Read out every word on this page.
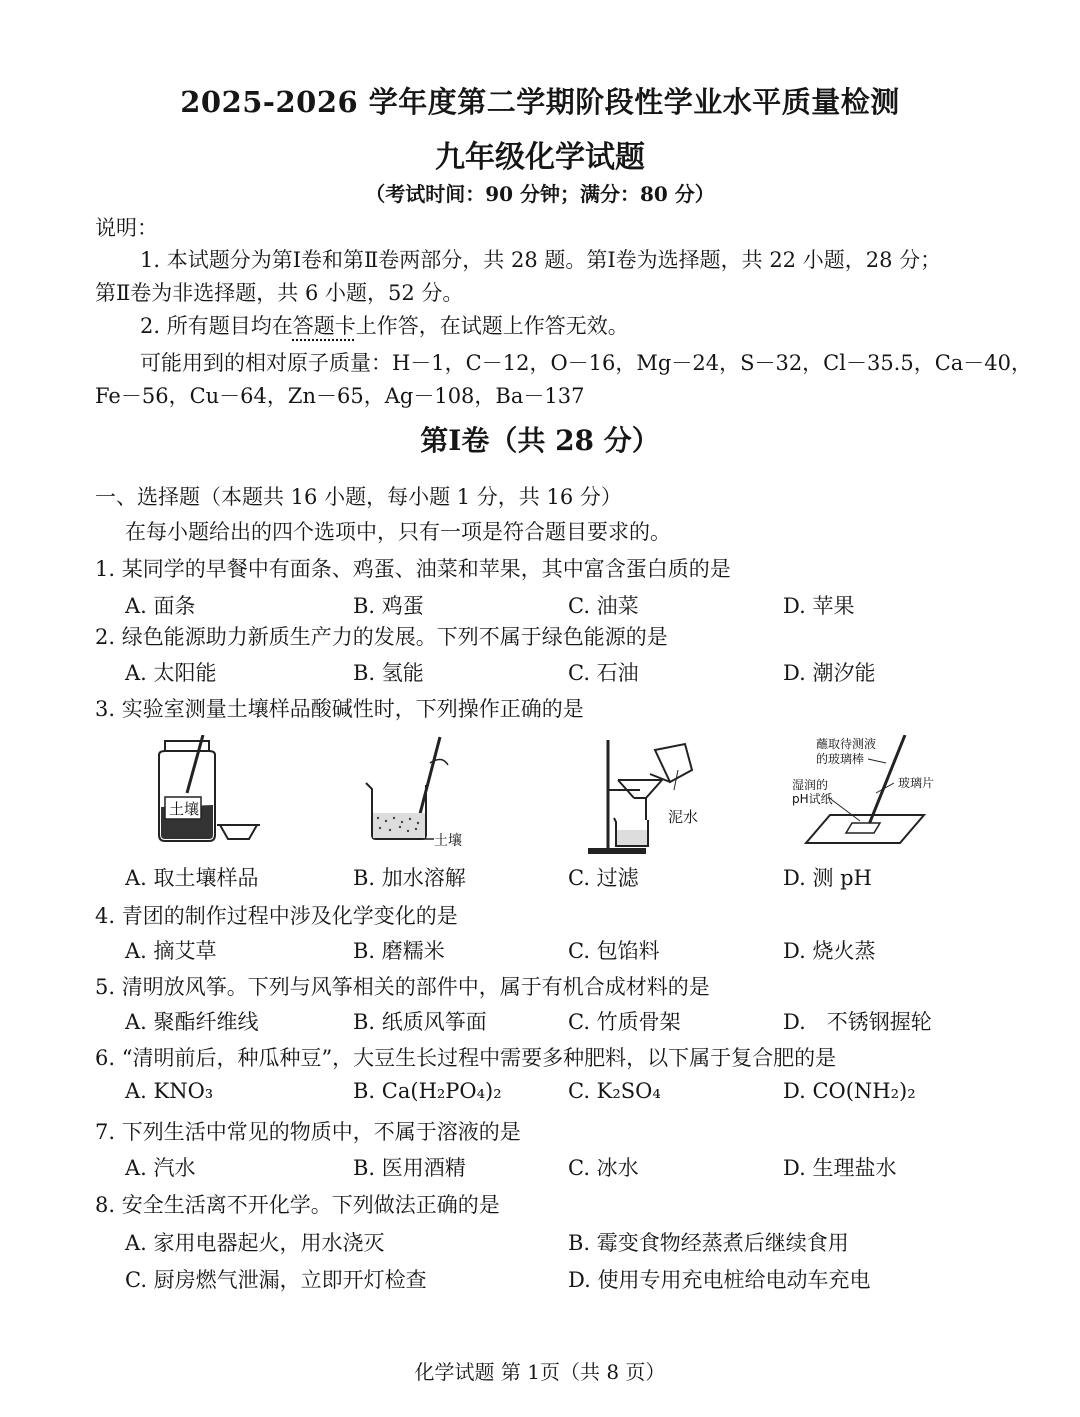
2025-2026 学年度第二学期阶段性学业水平质量检测
九年级化学试题
（考试时间：90 分钟；满分：80 分）
说明：
1. 本试题分为第Ⅰ卷和第Ⅱ卷两部分，共 28 题。第Ⅰ卷为选择题，共 22 小题，28 分；
第Ⅱ卷为非选择题，共 6 小题，52 分。
2. 所有题目均在答题卡上作答，在试题上作答无效。
可能用到的相对原子质量：H－1，C－12，O－16，Mg－24，S－32，Cl－35.5，Ca－40，
Fe－56，Cu－64，Zn－65，Ag－108，Ba－137
第Ⅰ卷（共 28 分）
一、选择题（本题共 16 小题，每小题 1 分，共 16 分）
在每小题给出的四个选项中，只有一项是符合题目要求的。
1. 某同学的早餐中有面条、鸡蛋、油菜和苹果，其中富含蛋白质的是
A. 面条	B. 鸡蛋	C. 油菜	D. 苹果
2. 绿色能源助力新质生产力的发展。下列不属于绿色能源的是
A. 太阳能	B. 氢能	C. 石油	D. 潮汐能
3. 实验室测量土壤样品酸碱性时，下列操作正确的是
土壤
土壤
泥水
蘸取待测液
的玻璃棒
湿润的
pH试纸
玻璃片
A. 取土壤样品	B. 加水溶解	C. 过滤	D. 测 pH
4. 青团的制作过程中涉及化学变化的是
A. 摘艾草	B. 磨糯米	C. 包馅料	D. 烧火蒸
5. 清明放风筝。下列与风筝相关的部件中，属于有机合成材料的是
A. 聚酯纤维线	B. 纸质风筝面	C. 竹质骨架	D.　不锈钢握轮
6. “清明前后，种瓜种豆”，大豆生长过程中需要多种肥料，以下属于复合肥的是
A. KNO₃	B. Ca(H₂PO₄)₂	C. K₂SO₄	D. CO(NH₂)₂
7. 下列生活中常见的物质中，不属于溶液的是
A. 汽水	B. 医用酒精	C. 冰水	D. 生理盐水
8. 安全生活离不开化学。下列做法正确的是
A. 家用电器起火，用水浇灭	B. 霉变食物经蒸煮后继续食用
C. 厨房燃气泄漏，立即开灯检查	D. 使用专用充电桩给电动车充电
化学试题 第 1页（共 8 页）
